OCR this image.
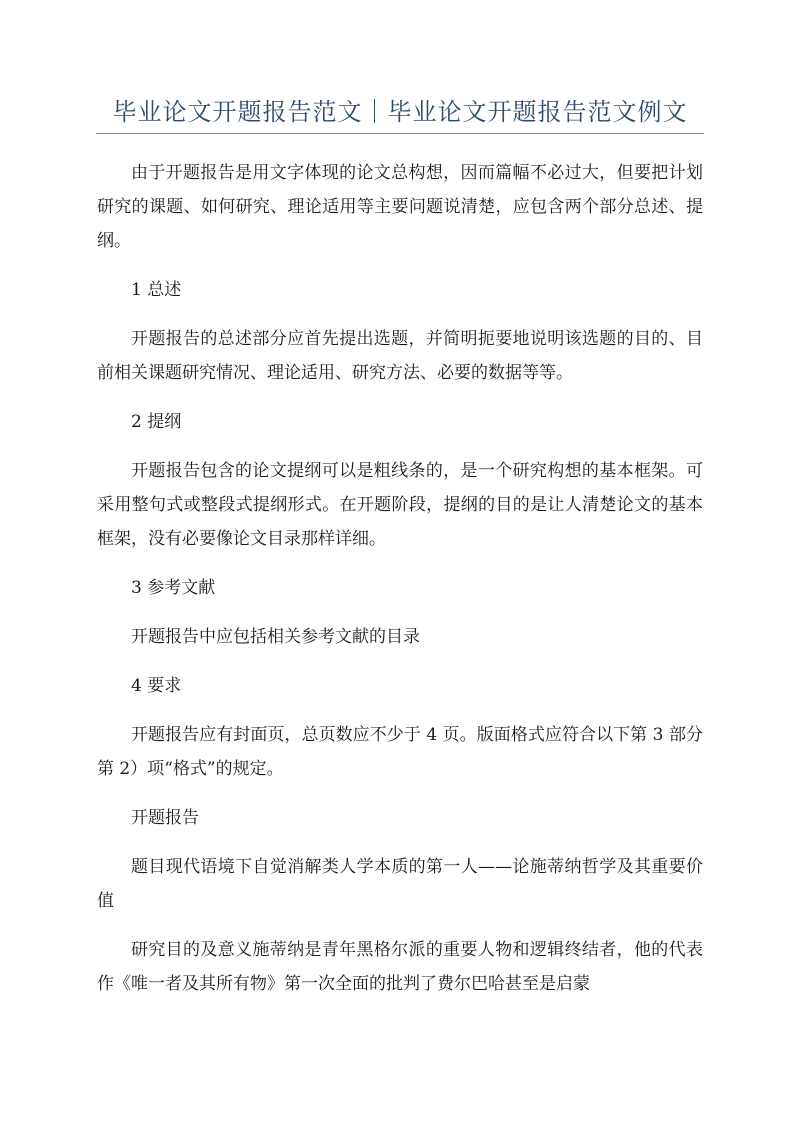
毕业论文开题报告范文｜毕业论文开题报告范文例文

由于开题报告是用文字体现的论文总构想，因而篇幅不必过大，但要把计划研究的课题、如何研究、理论适用等主要问题说清楚，应包含两个部分总述、提纲。

1 总述

开题报告的总述部分应首先提出选题，并简明扼要地说明该选题的目的、目前相关课题研究情况、理论适用、研究方法、必要的数据等等。

2 提纲

开题报告包含的论文提纲可以是粗线条的，是一个研究构想的基本框架。可采用整句式或整段式提纲形式。在开题阶段，提纲的目的是让人清楚论文的基本框架，没有必要像论文目录那样详细。

3 参考文献

开题报告中应包括相关参考文献的目录

4 要求

开题报告应有封面页，总页数应不少于 4 页。版面格式应符合以下第 3 部分第 2）项“格式”的规定。

开题报告

题目现代语境下自觉消解类人学本质的第一人——论施蒂纳哲学及其重要价值

研究目的及意义施蒂纳是青年黑格尔派的重要人物和逻辑终结者，他的代表作《唯一者及其所有物》第一次全面的批判了费尔巴哈甚至是启蒙
